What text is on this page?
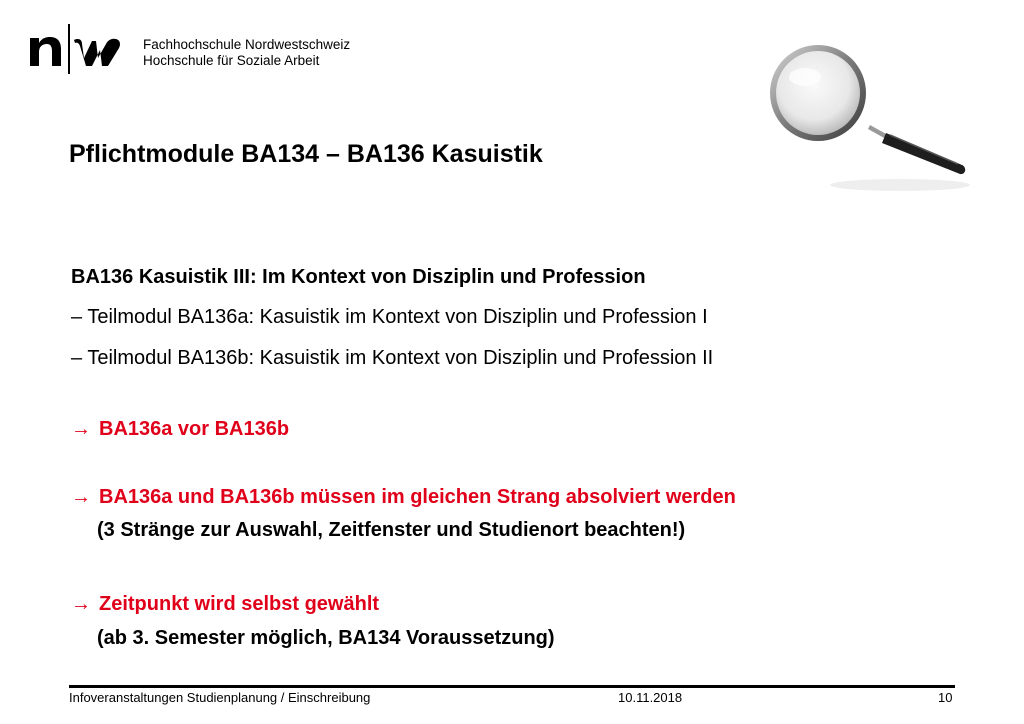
Fachhochschule Nordwestschweiz
Hochschule für Soziale Arbeit
Pflichtmodule BA134 – BA136 Kasuistik
BA136 Kasuistik III: Im Kontext von Disziplin und Profession
– Teilmodul BA136a: Kasuistik im Kontext von Disziplin und Profession I
– Teilmodul BA136b: Kasuistik im Kontext von Disziplin und Profession II
→ BA136a vor BA136b
→ BA136a und BA136b müssen im gleichen Strang absolviert werden
(3 Stränge zur Auswahl, Zeitfenster und Studienort beachten!)
→ Zeitpunkt wird selbst gewählt
(ab 3. Semester möglich, BA134 Voraussetzung)
Infoveranstaltungen Studienplanung / Einschreibung	10.11.2018	10
